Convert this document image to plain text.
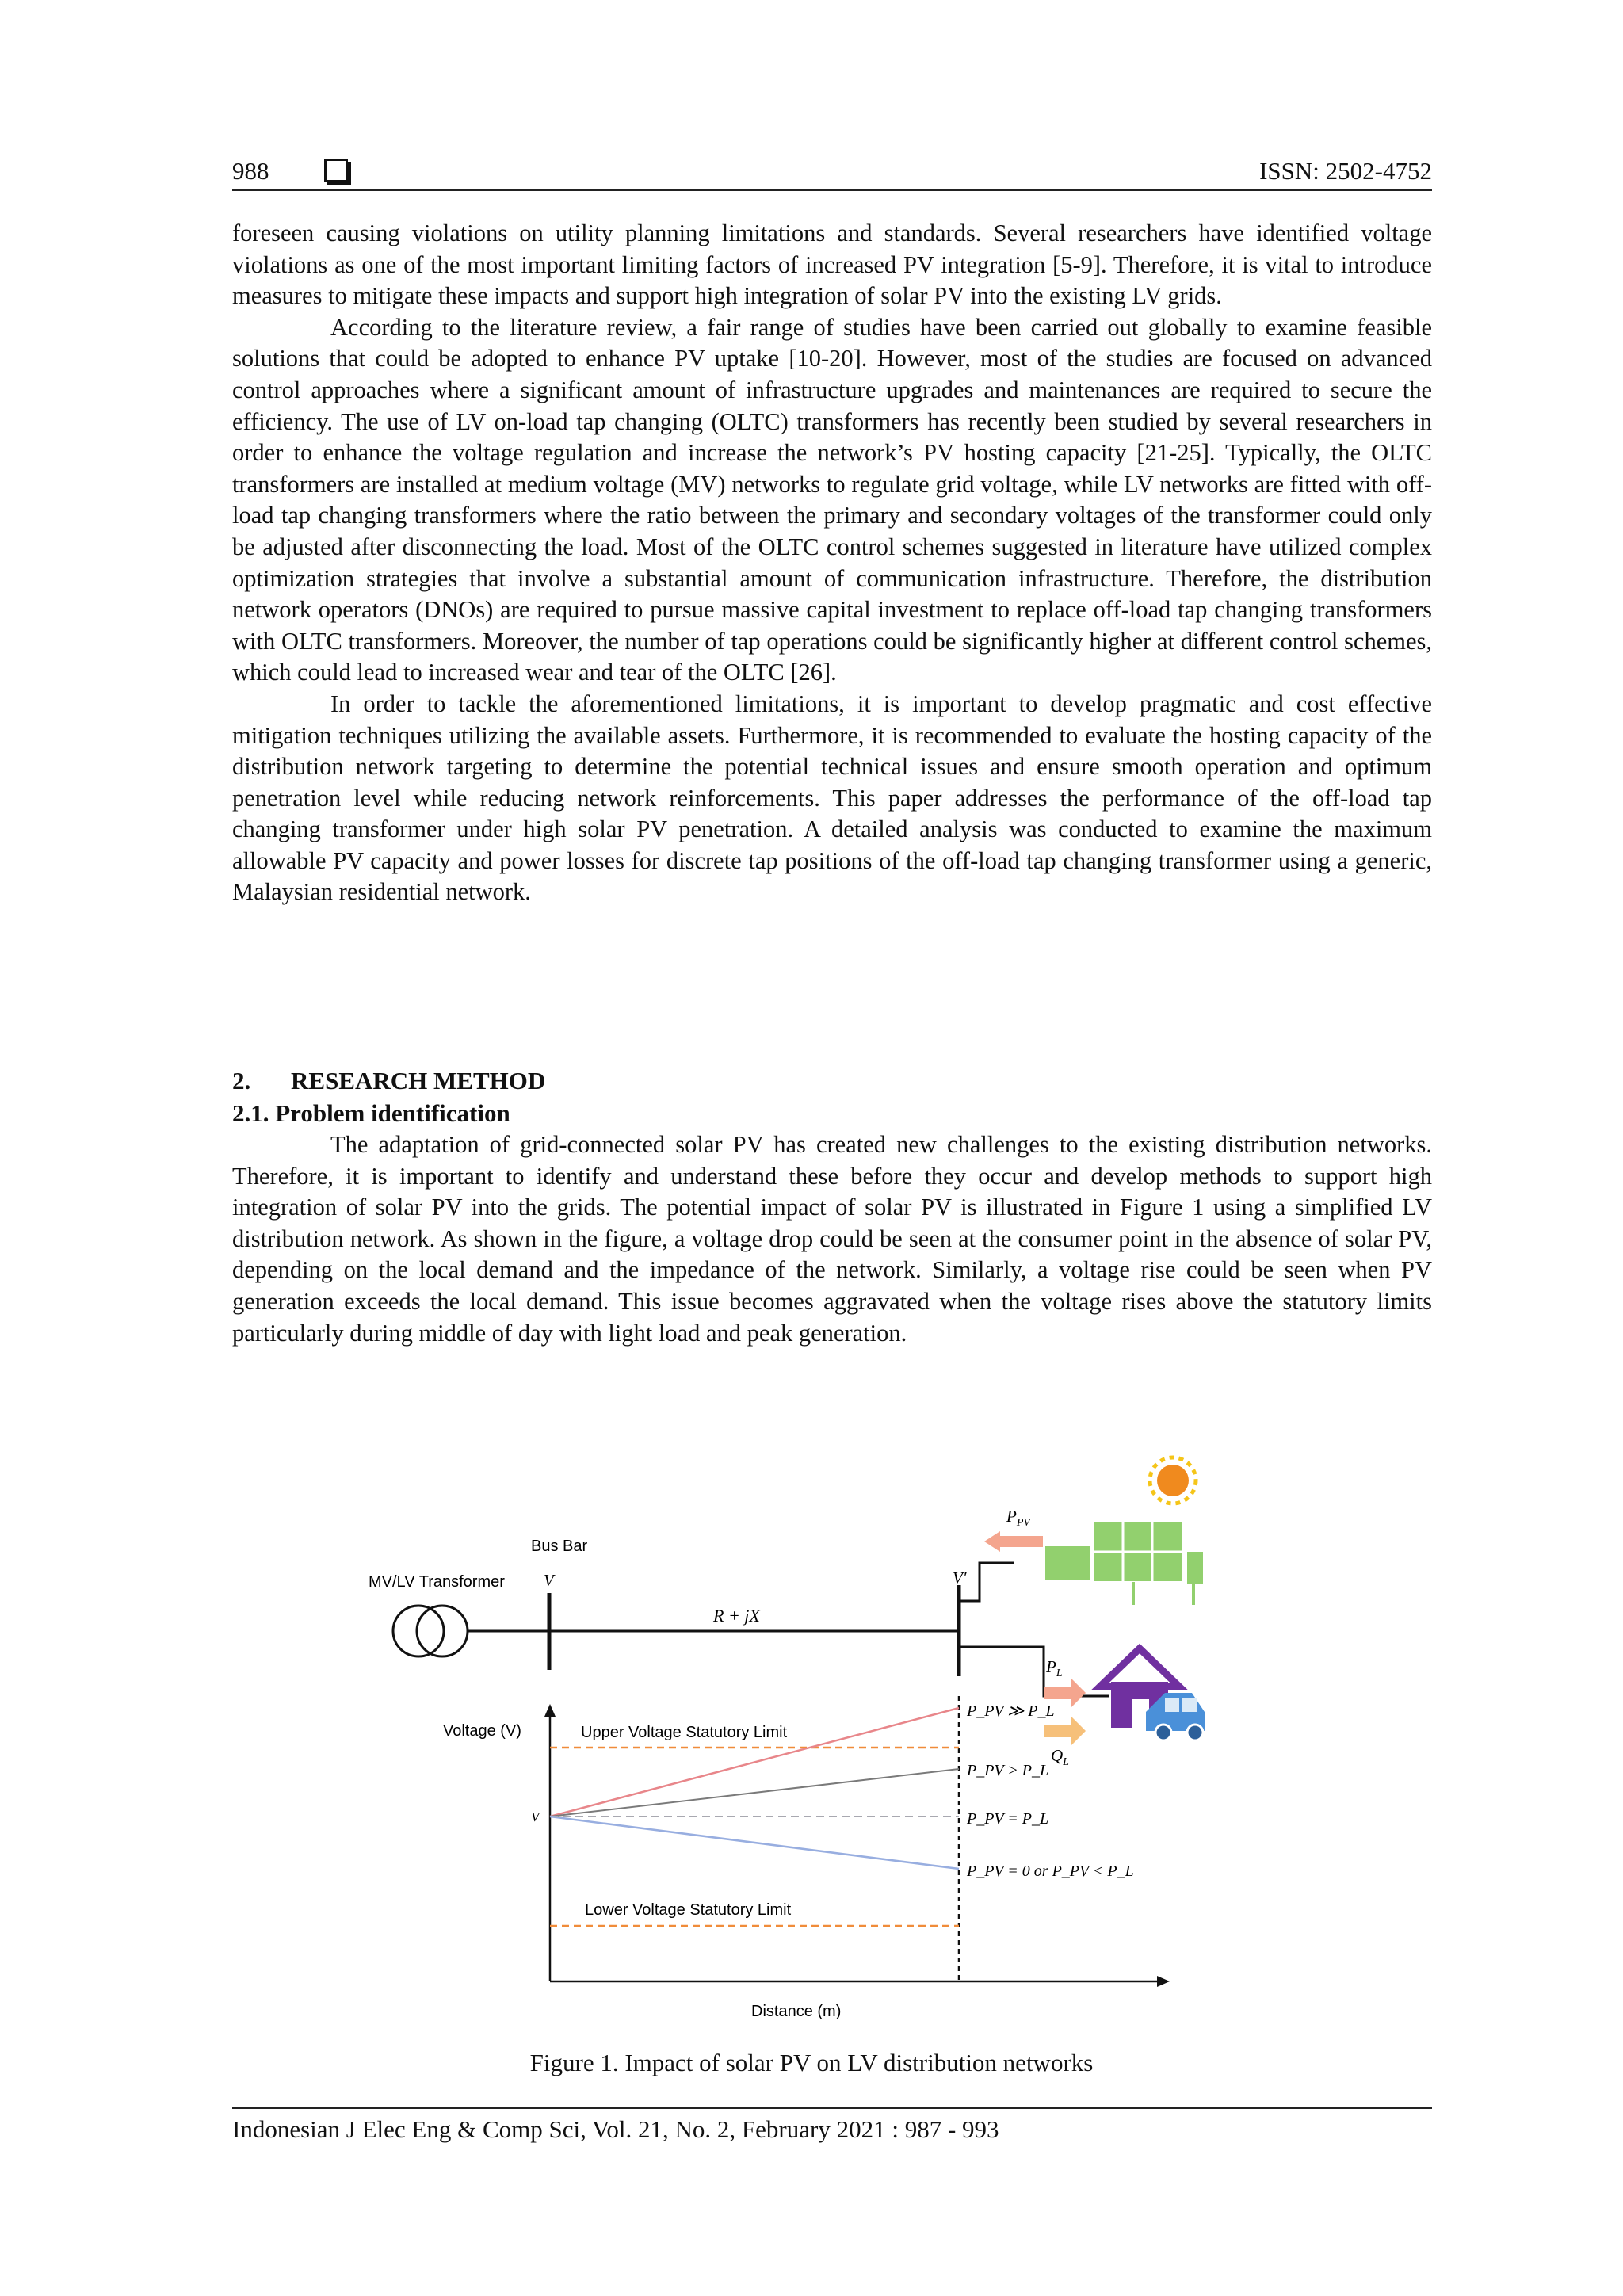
988	ISSN: 2502-4752

foreseen causing violations on utility planning limitations and standards. Several researchers have identified voltage violations as one of the most important limiting factors of increased PV integration [5-9]. Therefore, it is vital to introduce measures to mitigate these impacts and support high integration of solar PV into the existing LV grids.

According to the literature review, a fair range of studies have been carried out globally to examine feasible solutions that could be adopted to enhance PV uptake [10-20]. However, most of the studies are focused on advanced control approaches where a significant amount of infrastructure upgrades and maintenances are required to secure the efficiency. The use of LV on-load tap changing (OLTC) transformers has recently been studied by several researchers in order to enhance the voltage regulation and increase the network’s PV hosting capacity [21-25]. Typically, the OLTC transformers are installed at medium voltage (MV) networks to regulate grid voltage, while LV networks are fitted with off-load tap changing transformers where the ratio between the primary and secondary voltages of the transformer could only be adjusted after disconnecting the load. Most of the OLTC control schemes suggested in literature have utilized complex optimization strategies that involve a substantial amount of communication infrastructure. Therefore, the distribution network operators (DNOs) are required to pursue massive capital investment to replace off-load tap changing transformers with OLTC transformers. Moreover, the number of tap operations could be significantly higher at different control schemes, which could lead to increased wear and tear of the OLTC [26].

In order to tackle the aforementioned limitations, it is important to develop pragmatic and cost effective mitigation techniques utilizing the available assets. Furthermore, it is recommended to evaluate the hosting capacity of the distribution network targeting to determine the potential technical issues and ensure smooth operation and optimum penetration level while reducing network reinforcements. This paper addresses the performance of the off-load tap changing transformer under high solar PV penetration. A detailed analysis was conducted to examine the maximum allowable PV capacity and power losses for discrete tap positions of the off-load tap changing transformer using a generic, Malaysian residential network.

2. RESEARCH METHOD
2.1. Problem identification

The adaptation of grid-connected solar PV has created new challenges to the existing distribution networks. Therefore, it is important to identify and understand these before they occur and develop methods to support high integration of solar PV into the grids. The potential impact of solar PV is illustrated in Figure 1 using a simplified LV distribution network. As shown in the figure, a voltage drop could be seen at the consumer point in the absence of solar PV, depending on the local demand and the impedance of the network. Similarly, a voltage rise could be seen when PV generation exceeds the local demand. This issue becomes aggravated when the voltage rises above the statutory limits particularly during middle of day with light load and peak generation.

MV/LV Transformer
Bus Bar
V
R + jX
V′
$P_{PV}$
$P_L$
$Q_L$
Voltage (V)
Distance (m)
Upper Voltage Statutory Limit
Lower Voltage Statutory Limit
V
P_PV ≫ P_L
P_PV > P_L
P_PV = P_L
P_PV = 0 or P_PV < P_L
Figure 1. Impact of solar PV on LV distribution networks
Indonesian J Elec Eng & Comp Sci, Vol. 21, No. 2, February 2021 : 987 - 993
